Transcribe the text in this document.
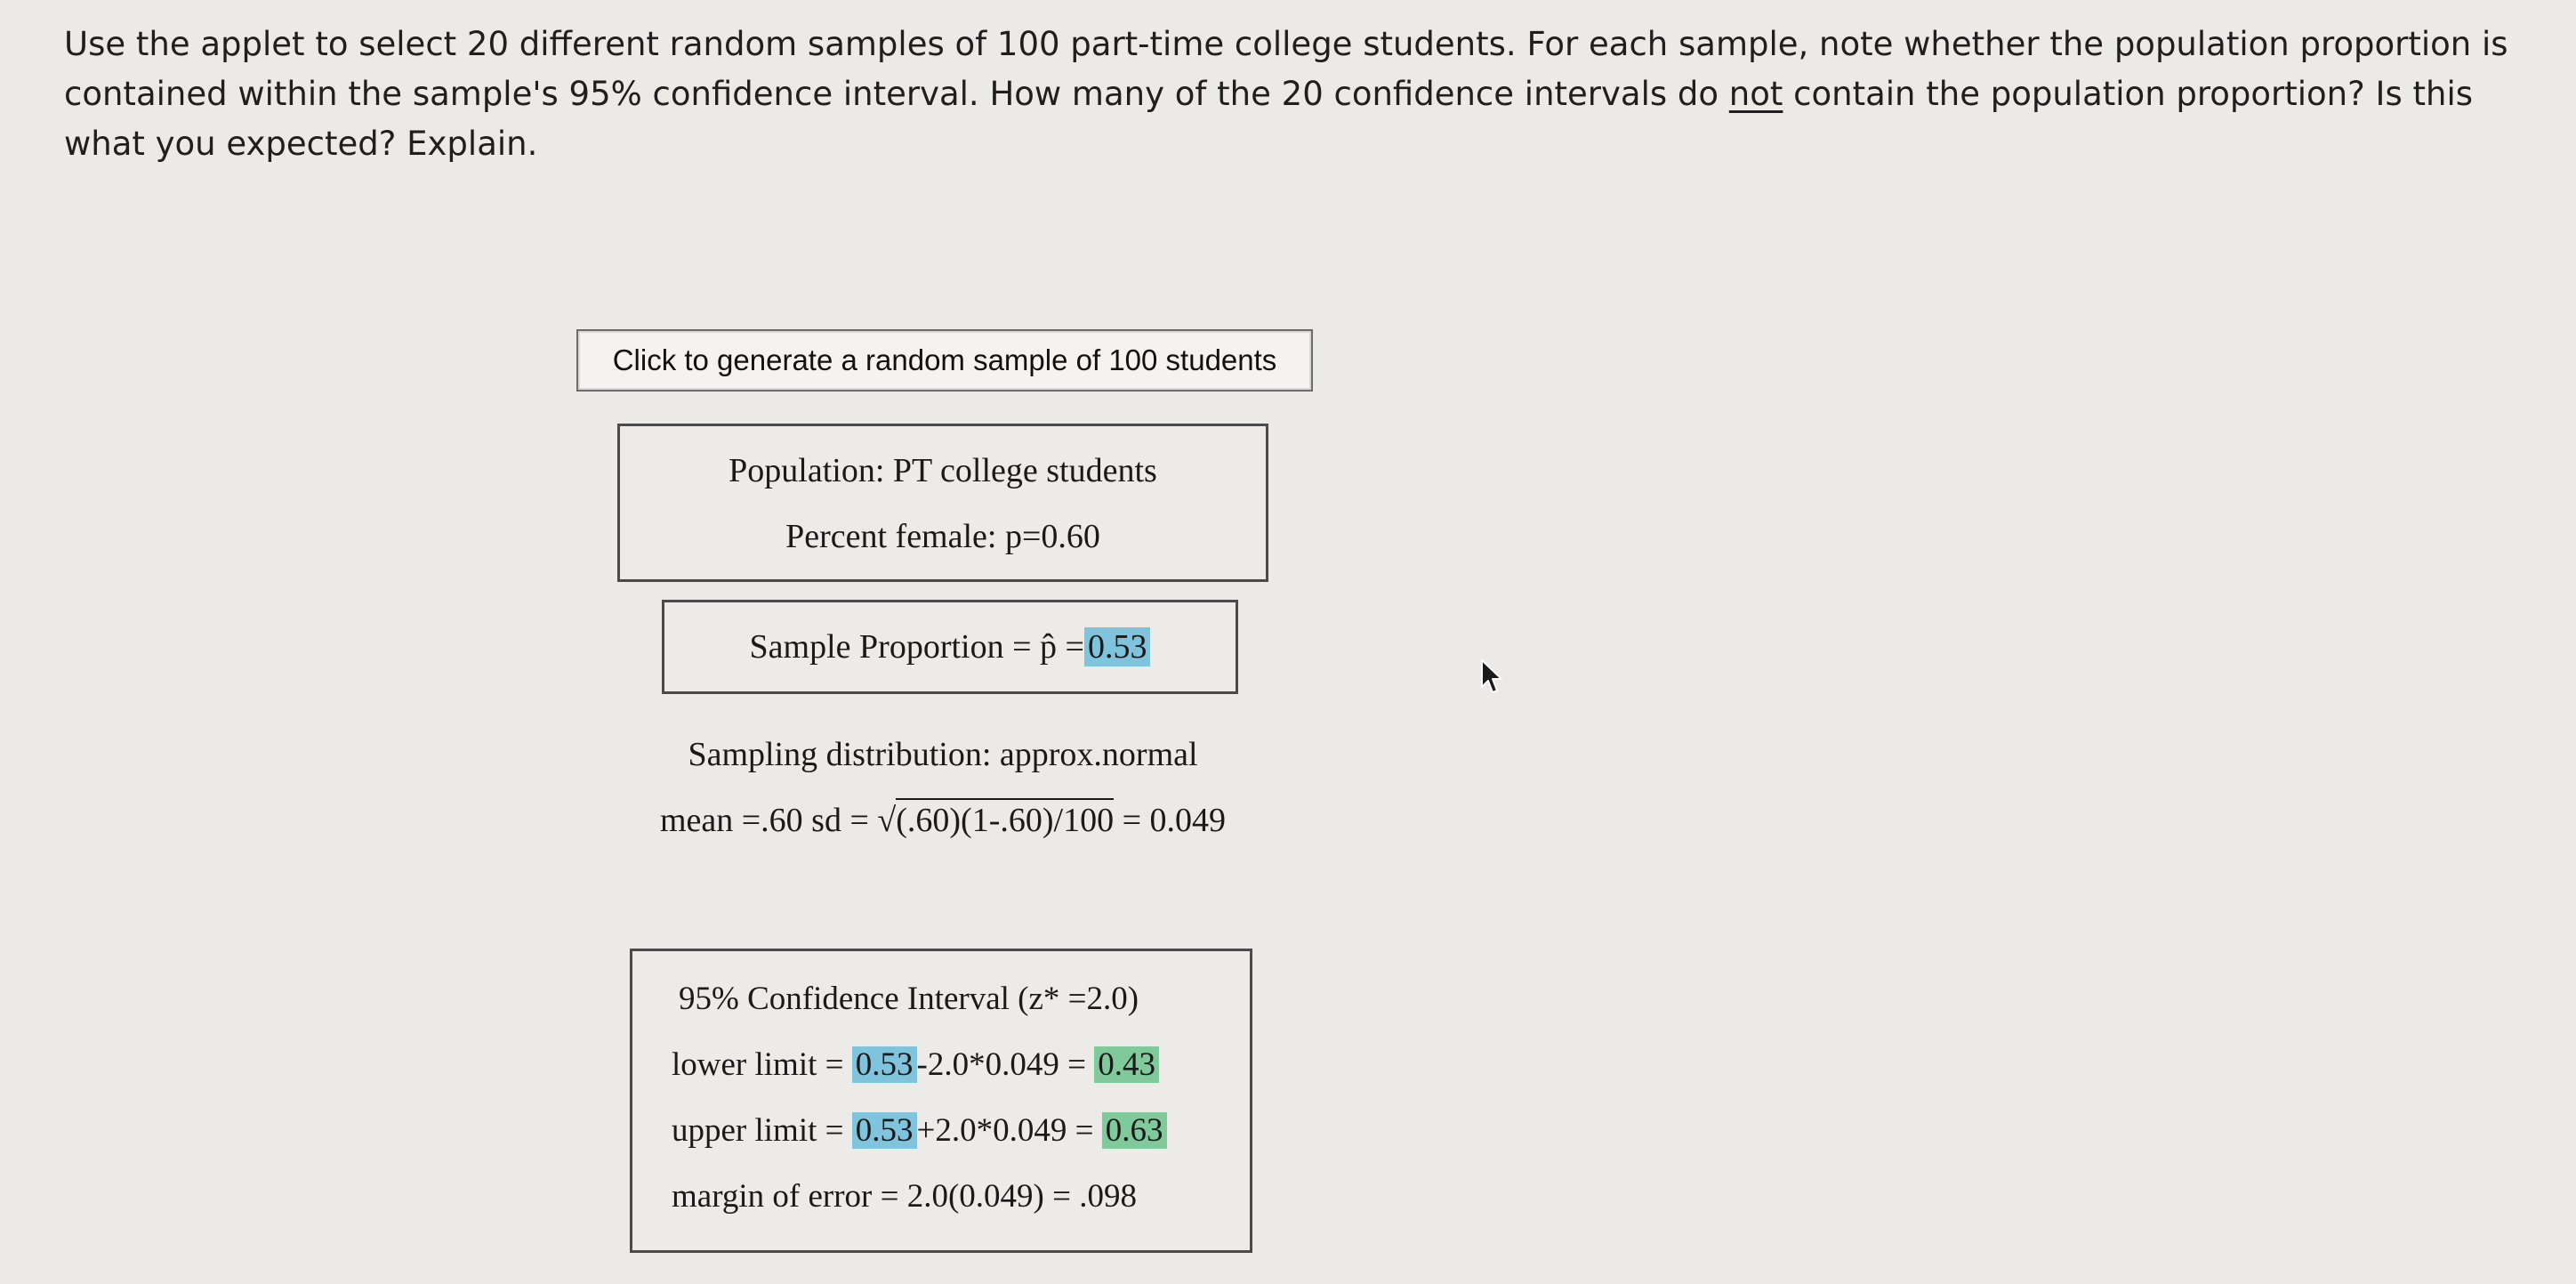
Use the applet to select 20 different random samples of 100 part-time college students. For each sample, note whether the population proportion is contained within the sample's 95% confidence interval. How many of the 20 confidence intervals do not contain the population proportion? Is this what you expected? Explain.

Click to generate a random sample of 100 students
Population: PT college students
Percent female: p=0.60
Sample Proportion = p̂ = 0.53
Sampling distribution: approx.normal
mean =.60 sd = √(.60)(1-.60)/100 = 0.049
95% Confidence Interval (z* =2.0)
lower limit = 0.53 -2.0*0.049 = 0.43
upper limit = 0.53 +2.0*0.049 = 0.63
margin of error = 2.0(0.049) = .098
